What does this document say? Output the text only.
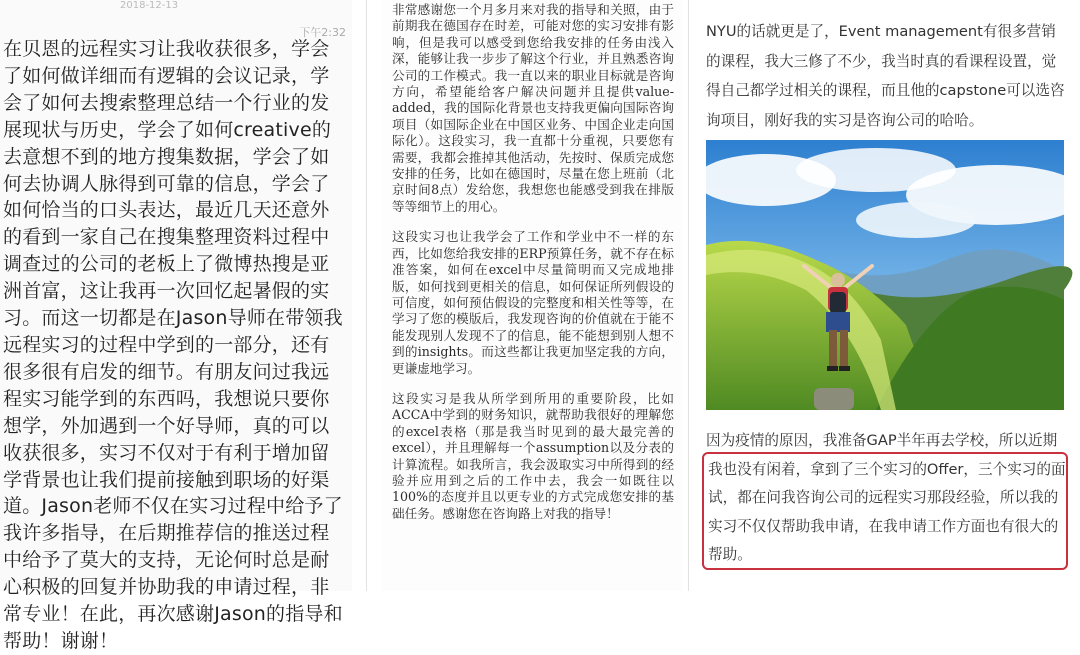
2018-12-13
下午2:32
在贝恩的远程实习让我收获很多，学会了如何做详细而有逻辑的会议记录，学会了如何去搜索整理总结一个行业的发展现状与历史，学会了如何creative的去意想不到的地方搜集数据，学会了如何去协调人脉得到可靠的信息，学会了如何恰当的口头表达，最近几天还意外的看到一家自己在搜集整理资料过程中调查过的公司的老板上了微博热搜是亚洲首富，这让我再一次回忆起暑假的实习。而这一切都是在Jason导师在带领我远程实习的过程中学到的一部分，还有很多很有启发的细节。有朋友问过我远程实习能学到的东西吗，我想说只要你想学，外加遇到一个好导师，真的可以收获很多，实习不仅对于有利于增加留学背景也让我们提前接触到职场的好渠道。Jason老师不仅在实习过程中给予了我许多指导，在后期推荐信的推送过程中给予了莫大的支持，无论何时总是耐心积极的回复并协助我的申请过程，非常专业！在此，再次感谢Jason的指导和帮助！谢谢！

非常感谢您一个月多月来对我的指导和关照，由于前期我在德国存在时差，可能对您的实习安排有影响，但是我可以感受到您给我安排的任务由浅入深，能够让我一步步了解这个行业，并且熟悉咨询公司的工作模式。我一直以来的职业目标就是咨询方向，希望能给客户解决问题并且提供value-added，我的国际化背景也支持我更偏向国际咨询项目（如国际企业在中国区业务、中国企业走向国际化）。这段实习，我一直都十分重视，只要您有需要，我都会推掉其他活动，先按时、保质完成您安排的任务，比如在德国时，尽量在您上班前（北京时间8点）发给您，我想您也能感受到我在排版等等细节上的用心。

这段实习也让我学会了工作和学业中不一样的东西，比如您给我安排的ERP预算任务，就不存在标准答案，如何在excel中尽量简明而又完成地排版，如何找到更相关的信息，如何保证所列假设的可信度，如何预估假设的完整度和相关性等等，在学习了您的模版后，我发现咨询的价值就在于能不能发现别人发现不了的信息，能不能想到别人想不到的insights。而这些都让我更加坚定我的方向，更谦虚地学习。

这段实习是我从所学到所用的重要阶段，比如ACCA中学到的财务知识，就帮助我很好的理解您的excel表格（那是我当时见到的最大最完善的excel），并且理解每一个assumption以及分表的计算流程。如我所言，我会汲取实习中所得到的经验并应用到之后的工作中去，我会一如既往以100%的态度并且以更专业的方式完成您安排的基础任务。感谢您在咨询路上对我的指导！

NYU的话就更是了，Event management有很多营销的课程，我大三修了不少，我当时真的看课程设置，觉得自己都学过相关的课程，而且他的capstone可以选咨询项目，刚好我的实习是咨询公司的哈哈。
因为疫情的原因，我准备GAP半年再去学校，所以近期
我也没有闲着，拿到了三个实习的Offer，三个实习的面试，都在问我咨询公司的远程实习那段经验，所以我的实习不仅仅帮助我申请，在我申请工作方面也有很大的帮助。
